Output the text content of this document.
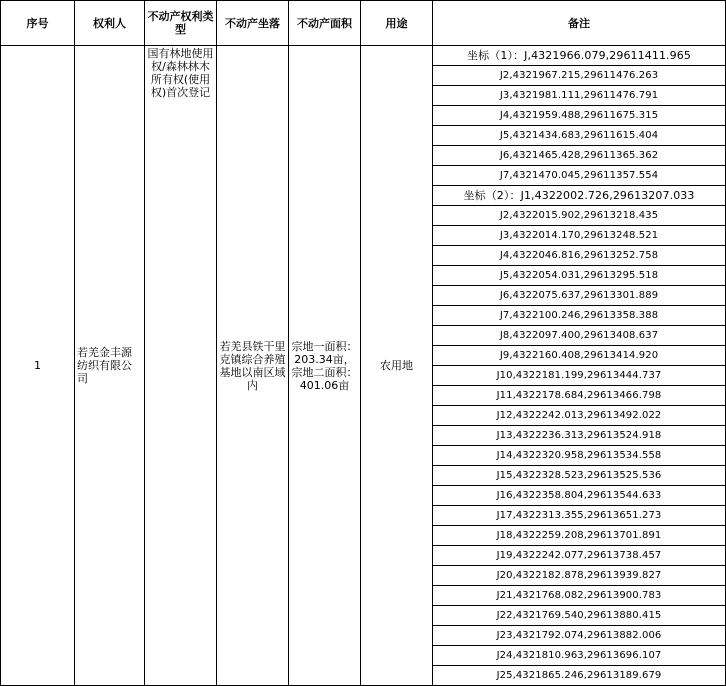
序号	权利人	不动产权利类型	不动产坐落	不动产面积	用途	备注
1	若羌金丰源纺织有限公司	国有林地使用权/森林林木所有权(使用权)首次登记	若羌县铁干里克镇综合养殖基地以南区域内	宗地一面积：203.34亩，宗地二面积：401.06亩	农用地	坐标（1）：J,4321966.079,29611411.965
						J2,4321967.215,29611476.263
						J3,4321981.111,29611476.791
						J4,4321959.488,29611675.315
						J5,4321434.683,29611615.404
						J6,4321465.428,29611365.362
						J7,4321470.045,29611357.554
						坐标（2）：J1,4322002.726,29613207.033
						J2,4322015.902,29613218.435
						J3,4322014.170,29613248.521
						J4,4322046.816,29613252.758
						J5,4322054.031,29613295.518
						J6,4322075.637,29613301.889
						J7,4322100.246,29613358.388
						J8,4322097.400,29613408.637
						J9,4322160.408,29613414.920
						J10,4322181.199,29613444.737
						J11,4322178.684,29613466.798
						J12,4322242.013,29613492.022
						J13,4322236.313,29613524.918
						J14,4322320.958,29613534.558
						J15,4322328.523,29613525.536
						J16,4322358.804,29613544.633
						J17,4322313.355,29613651.273
						J18,4322259.208,29613701.891
						J19,4322242.077,29613738.457
						J20,4322182.878,29613939.827
						J21,4321768.082,29613900.783
						J22,4321769.540,29613880.415
						J23,4321792.074,29613882.006
						J24,4321810.963,29613696.107
						J25,4321865.246,29613189.679
